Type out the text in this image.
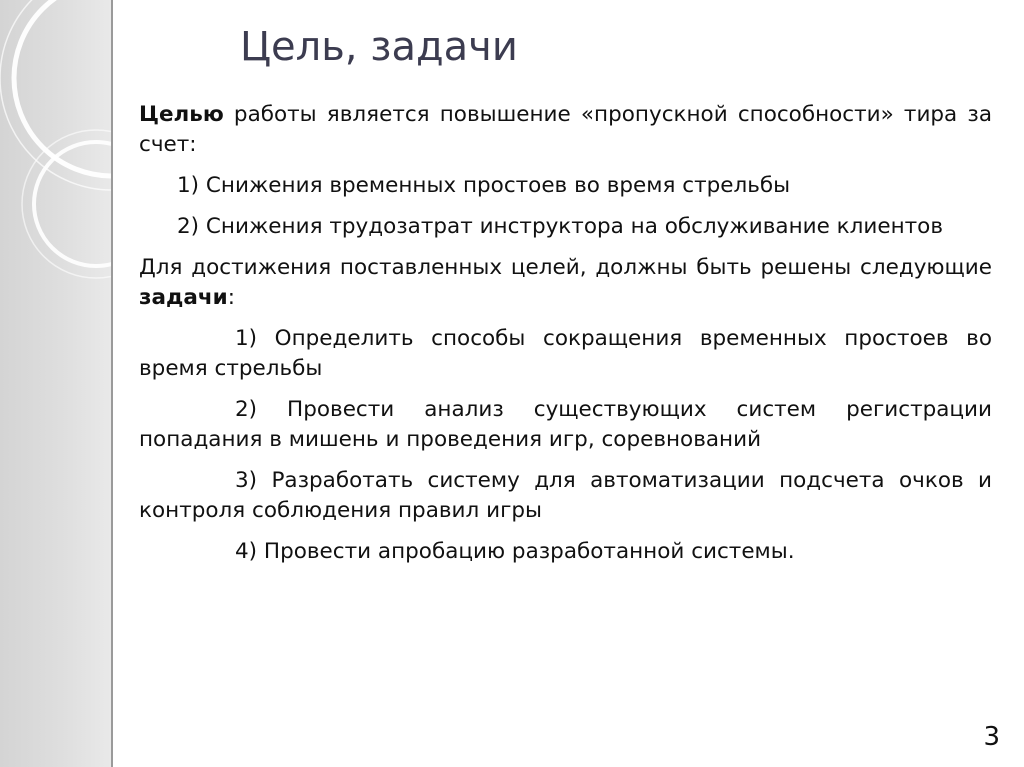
Цель, задачи

Целью работы является повышение «пропускной способности» тира за счет:

1) Снижения временных простоев во время стрельбы

2) Снижения трудозатрат инструктора на обслуживание клиентов

Для достижения поставленных целей, должны быть решены следующие задачи:

1) Определить способы сокращения временных простоев во время стрельбы

2) Провести анализ существующих систем регистрации попадания в мишень и проведения игр, соревнований

3) Разработать систему для автоматизации подсчета очков и контроля соблюдения правил игры

4) Провести апробацию разработанной системы.

3
